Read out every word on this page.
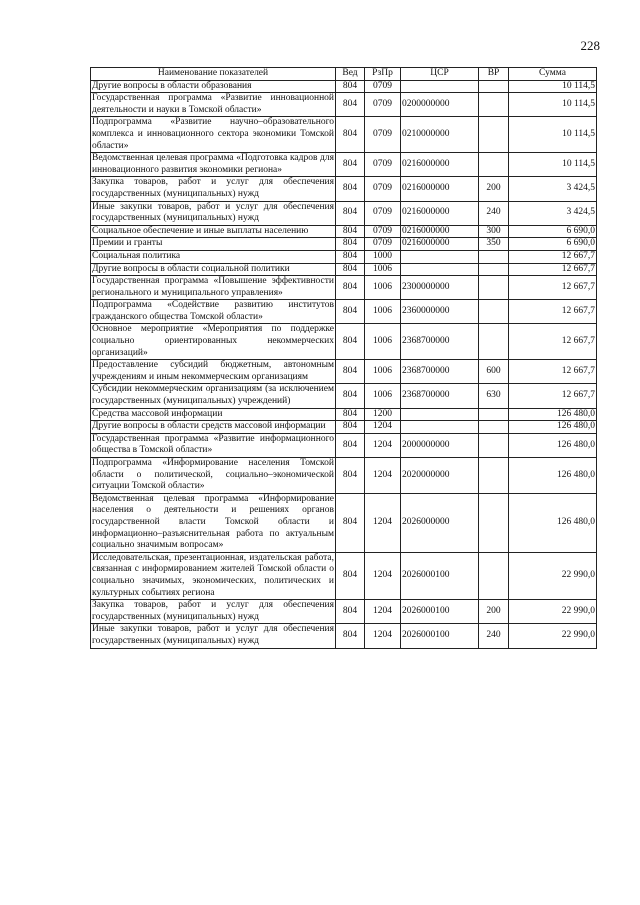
228
Наименование показателей	Вед	РзПр	ЦСР	ВР	Сумма
Другие вопросы в области образования	804	0709			10 114,5
Государственная программа «Развитие инновационной деятельности и науки в Томской области»	804	0709	0200000000		10 114,5
Подпрограмма «Развитие научно–образовательного комплекса и инновационного сектора экономики Томской области»	804	0709	0210000000		10 114,5
Ведомственная целевая программа «Подготовка кадров для инновационного развития экономики региона»	804	0709	0216000000		10 114,5
Закупка товаров, работ и услуг для обеспечения государственных (муниципальных) нужд	804	0709	0216000000	200	3 424,5
Иные закупки товаров, работ и услуг для обеспечения государственных (муниципальных) нужд	804	0709	0216000000	240	3 424,5
Социальное обеспечение и иные выплаты населению	804	0709	0216000000	300	6 690,0
Премии и гранты	804	0709	0216000000	350	6 690,0
Социальная политика	804	1000			12 667,7
Другие вопросы в области социальной политики	804	1006			12 667,7
Государственная программа «Повышение эффективности регионального и муниципального управления»	804	1006	2300000000		12 667,7
Подпрограмма «Содействие развитию институтов гражданского общества Томской области»	804	1006	2360000000		12 667,7
Основное мероприятие «Мероприятия по поддержке социально ориентированных некоммерческих организаций»	804	1006	2368700000		12 667,7
Предоставление субсидий бюджетным, автономным учреждениям и иным некоммерческим организациям	804	1006	2368700000	600	12 667,7
Субсидии некоммерческим организациям (за исключением государственных (муниципальных) учреждений)	804	1006	2368700000	630	12 667,7
Средства массовой информации	804	1200			126 480,0
Другие вопросы в области средств массовой информации	804	1204			126 480,0
Государственная программа «Развитие информационного общества в Томской области»	804	1204	2000000000		126 480,0
Подпрограмма «Информирование населения Томской области о политической, социально–экономической ситуации Томской области»	804	1204	2020000000		126 480,0
Ведомственная целевая программа «Информирование населения о деятельности и решениях органов государственной власти Томской области и информационно–разъяснительная работа по актуальным социально значимым вопросам»	804	1204	2026000000		126 480,0
Исследовательская, презентационная, издательская работа, связанная с информированием жителей Томской области о социально значимых, экономических, политических и культурных событиях региона	804	1204	2026000100		22 990,0
Закупка товаров, работ и услуг для обеспечения государственных (муниципальных) нужд	804	1204	2026000100	200	22 990,0
Иные закупки товаров, работ и услуг для обеспечения государственных (муниципальных) нужд	804	1204	2026000100	240	22 990,0
